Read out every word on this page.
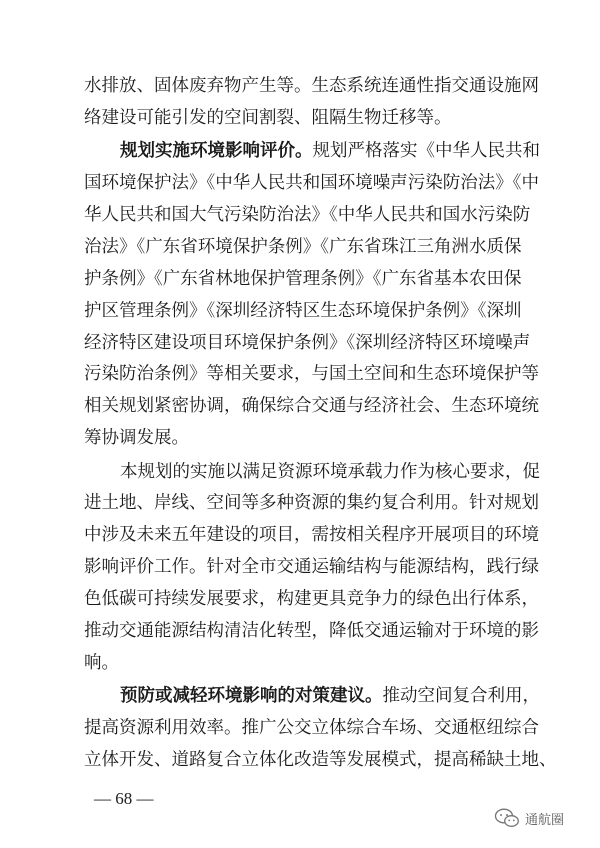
水排放、固体废弃物产生等。生态系统连通性指交通设施网
络建设可能引发的空间割裂、阻隔生物迁移等。
规划实施环境影响评价。规划严格落实《中华人民共和
国环境保护法》《中华人民共和国环境噪声污染防治法》《中
华人民共和国大气污染防治法》《中华人民共和国水污染防
治法》《广东省环境保护条例》《广东省珠江三角洲水质保
护条例》《广东省林地保护管理条例》《广东省基本农田保
护区管理条例》《深圳经济特区生态环境保护条例》《深圳
经济特区建设项目环境保护条例》《深圳经济特区环境噪声
污染防治条例》等相关要求，与国土空间和生态环境保护等
相关规划紧密协调，确保综合交通与经济社会、生态环境统
筹协调发展。
本规划的实施以满足资源环境承载力作为核心要求，促
进土地、岸线、空间等多种资源的集约复合利用。针对规划
中涉及未来五年建设的项目，需按相关程序开展项目的环境
影响评价工作。针对全市交通运输结构与能源结构，践行绿
色低碳可持续发展要求，构建更具竞争力的绿色出行体系，
推动交通能源结构清洁化转型，降低交通运输对于环境的影
响。
预防或减轻环境影响的对策建议。推动空间复合利用，
提高资源利用效率。推广公交立体综合车场、交通枢纽综合
立体开发、道路复合立体化改造等发展模式，提高稀缺土地、
— 68 —
通航圈
